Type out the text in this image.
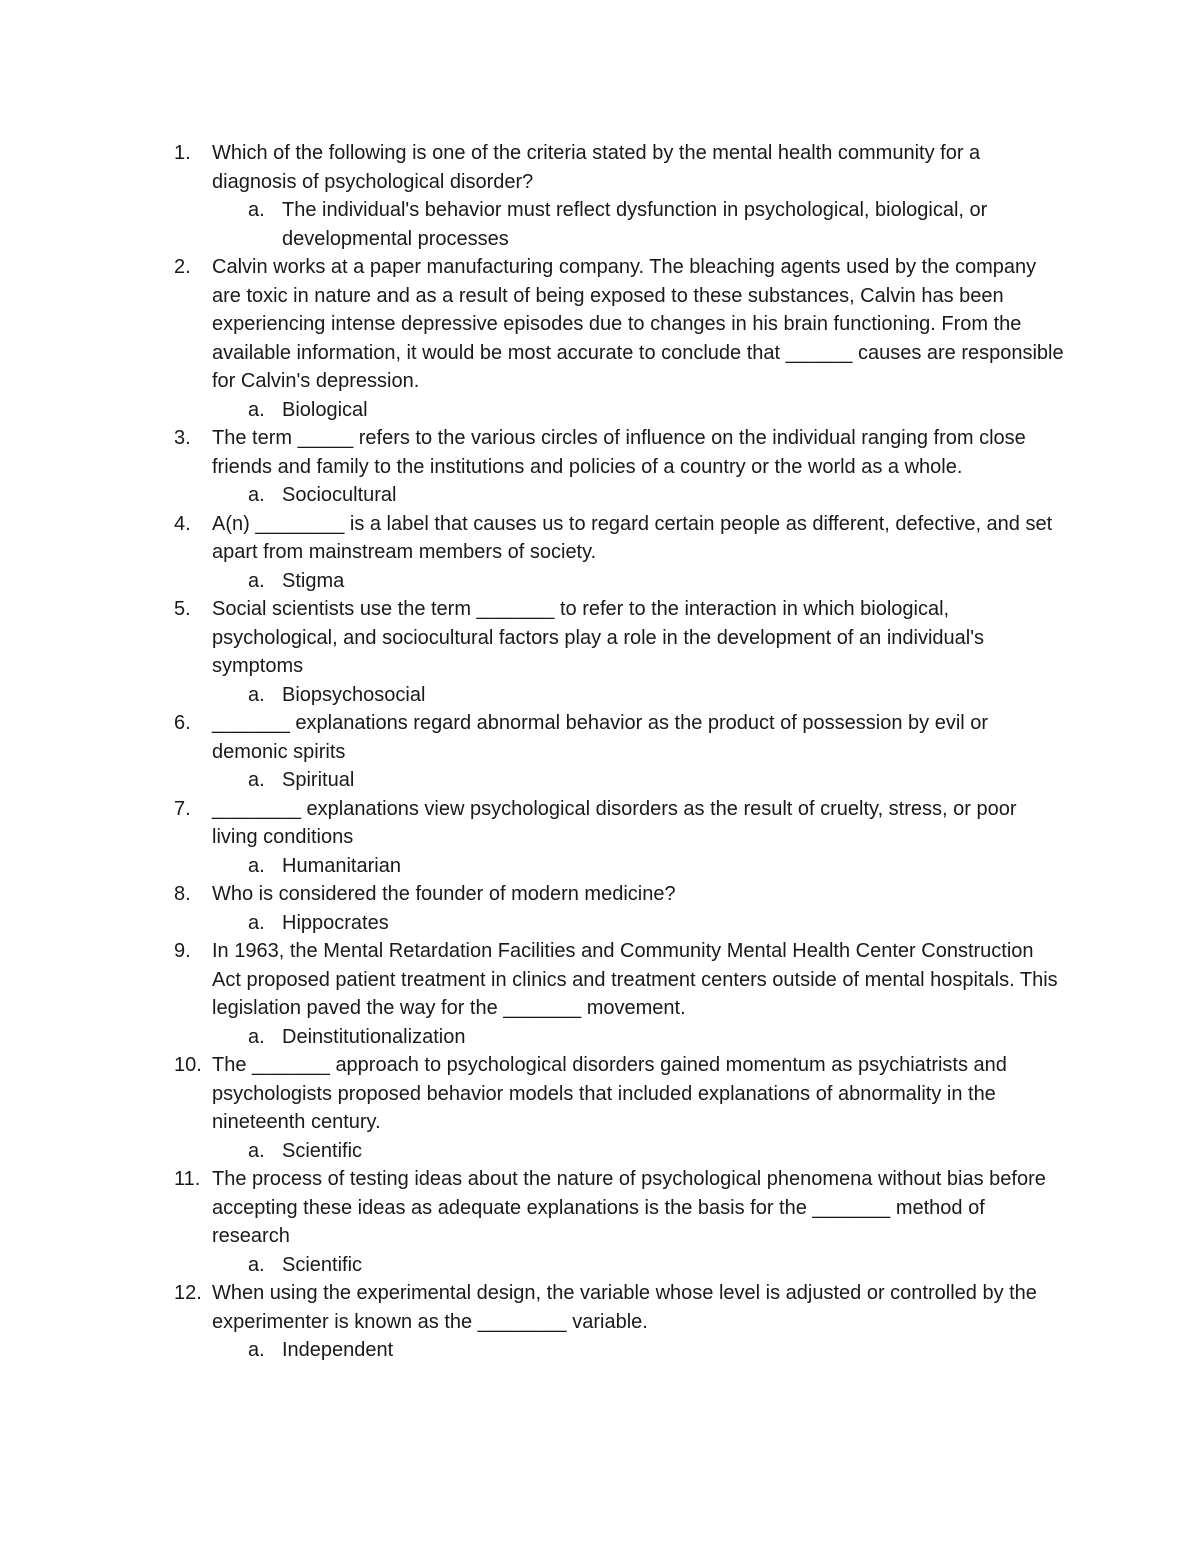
1.	Which of the following is one of the criteria stated by the mental health community for a diagnosis of psychological disorder?
a. The individual's behavior must reflect dysfunction in psychological, biological, or developmental processes
2.	Calvin works at a paper manufacturing company. The bleaching agents used by the company are toxic in nature and as a result of being exposed to these substances, Calvin has been experiencing intense depressive episodes due to changes in his brain functioning. From the available information, it would be most accurate to conclude that ______ causes are responsible for Calvin's depression.
a. Biological
3.	The term _____ refers to the various circles of influence on the individual ranging from close friends and family to the institutions and policies of a country or the world as a whole.
a. Sociocultural
4.	A(n) ________ is a label that causes us to regard certain people as different, defective, and set apart from mainstream members of society.
a. Stigma
5.	Social scientists use the term _______ to refer to the interaction in which biological, psychological, and sociocultural factors play a role in the development of an individual's symptoms
a. Biopsychosocial
6.	_______ explanations regard abnormal behavior as the product of possession by evil or demonic spirits
a. Spiritual
7.	________ explanations view psychological disorders as the result of cruelty, stress, or poor living conditions
a. Humanitarian
8.	Who is considered the founder of modern medicine?
a. Hippocrates
9.	In 1963, the Mental Retardation Facilities and Community Mental Health Center Construction Act proposed patient treatment in clinics and treatment centers outside of mental hospitals. This legislation paved the way for the _______ movement.
a. Deinstitutionalization
10. The _______ approach to psychological disorders gained momentum as psychiatrists and psychologists proposed behavior models that included explanations of abnormality in the nineteenth century.
a. Scientific
11. The process of testing ideas about the nature of psychological phenomena without bias before accepting these ideas as adequate explanations is the basis for the _______ method of research
a. Scientific
12. When using the experimental design, the variable whose level is adjusted or controlled by the experimenter is known as the ________ variable.
a. Independent
